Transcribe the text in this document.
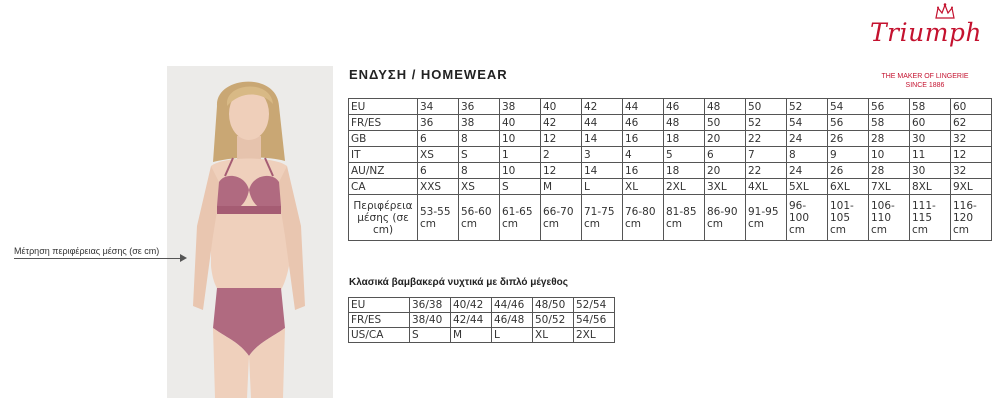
Μέτρηση περιφέρειας μέσης (σε cm)
Triumph
THE MAKER OF LINGERIE
SINCE 1886
ΕΝΔΥΣΗ / HOMEWEAR
EU	34	36	38	40	42	44	46	48	50	52	54	56	58	60
FR/ES	36	38	40	42	44	46	48	50	52	54	56	58	60	62
GB	6	8	10	12	14	16	18	20	22	24	26	28	30	32
IT	XS	S	1	2	3	4	5	6	7	8	9	10	11	12
AU/NZ	6	8	10	12	14	16	18	20	22	24	26	28	30	32
CA	XXS	XS	S	M	L	XL	2XL	3XL	4XL	5XL	6XL	7XL	8XL	9XL
Περιφέρεια μέσης (σε cm)	53-55 cm	56-60 cm	61-65 cm	66-70 cm	71-75 cm	76-80 cm	81-85 cm	86-90 cm	91-95 cm	96-100 cm	101-105 cm	106-110 cm	111-115 cm	116-120 cm
Κλασικά βαμβακερά νυχτικά με διπλό μέγεθος
EU	36/38	40/42	44/46	48/50	52/54
FR/ES	38/40	42/44	46/48	50/52	54/56
US/CA	S	M	L	XL	2XL
